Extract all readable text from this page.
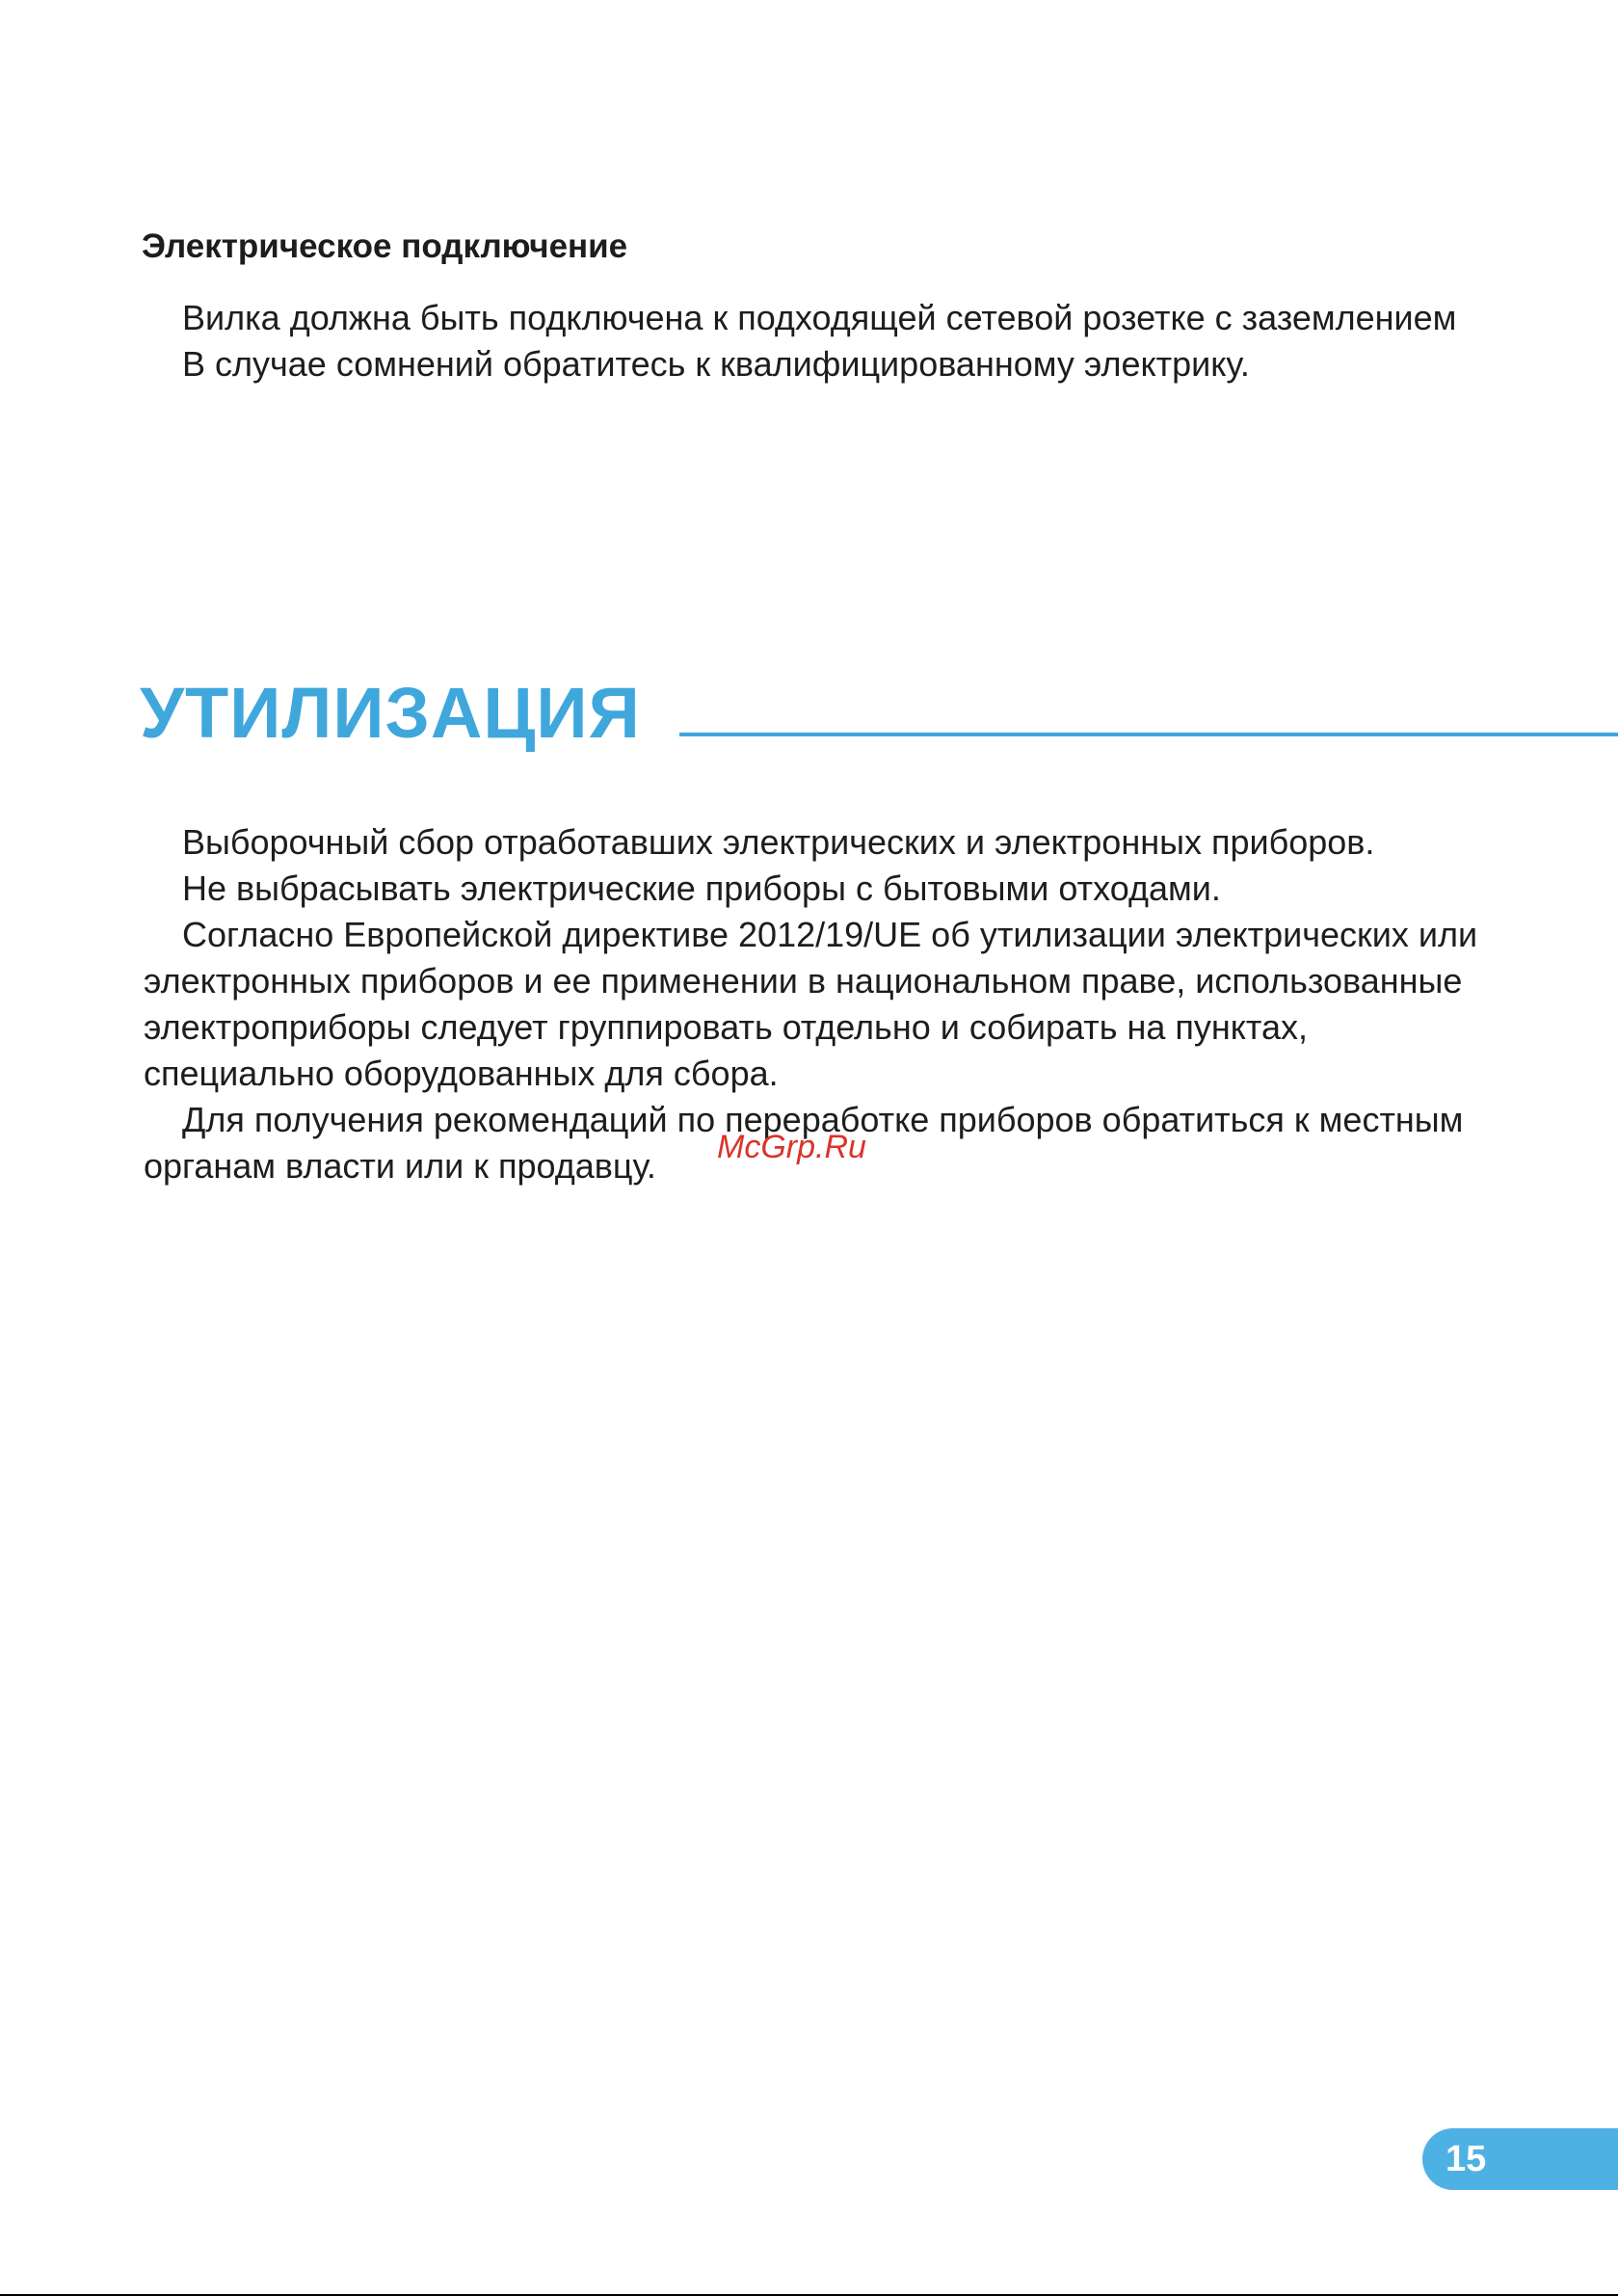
Электрическое подключение

Вилка должна быть подключена к подходящей сетевой розетке с заземлением

В случае сомнений обратитесь к квалифицированному электрику.

УТИЛИЗАЦИЯ

Выборочный сбор отработавших электрических и электронных приборов.

Не выбрасывать электрические приборы с бытовыми отходами.

Согласно Европейской директиве 2012/19/UE об утилизации электрических или электронных приборов и ее применении в национальном праве, использованные электроприборы следует группировать отдельно и собирать на пунктах, специально оборудованных для сбора.

Для получения рекомендаций по переработке приборов обратиться к местным органам власти или к продавцу.	McGrp.Ru
15
